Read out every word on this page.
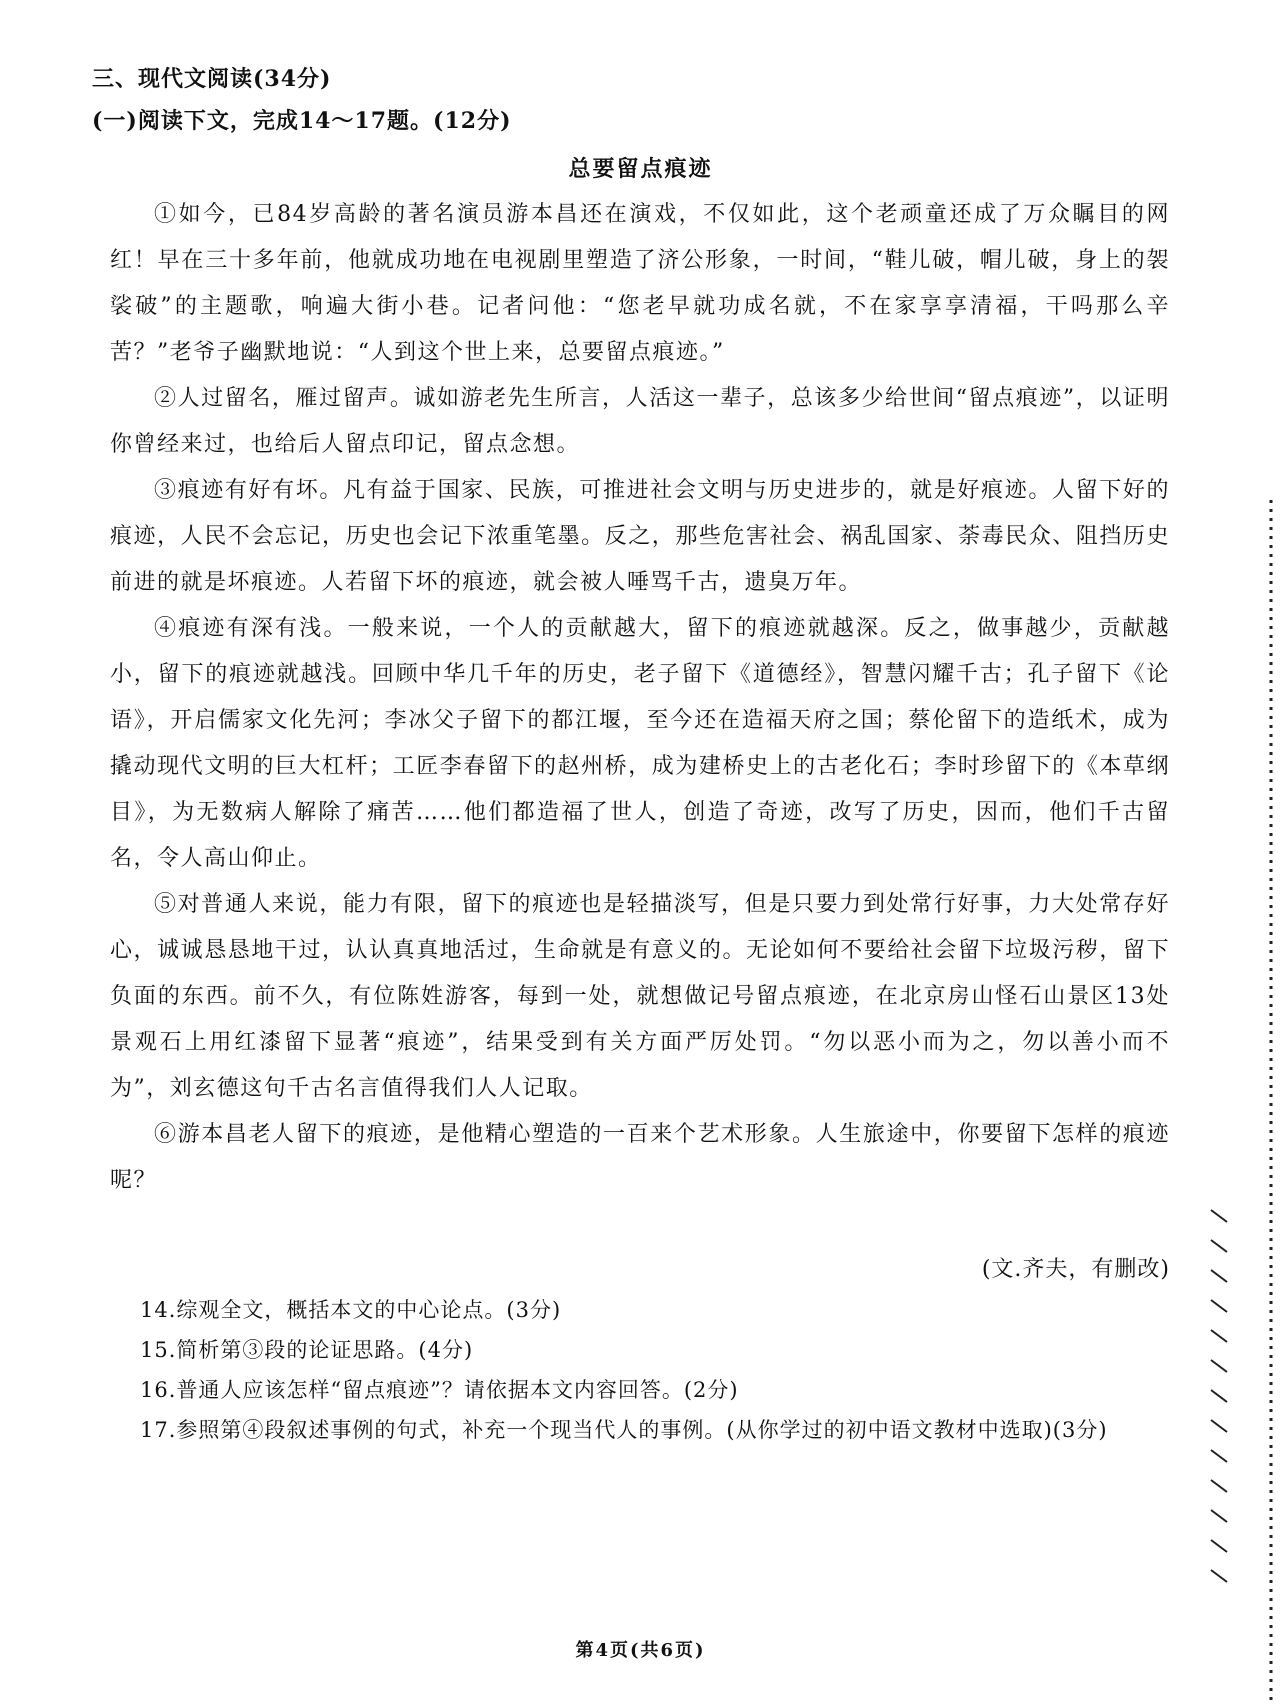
三、现代文阅读(34分)
(一)阅读下文，完成14～17题。(12分)
总要留点痕迹

①如今，已84岁高龄的著名演员游本昌还在演戏，不仅如此，这个老顽童还成了万众瞩目的网红！早在三十多年前，他就成功地在电视剧里塑造了济公形象，一时间，“鞋儿破，帽儿破，身上的袈裟破”的主题歌，响遍大街小巷。记者问他：“您老早就功成名就，不在家享享清福，干吗那么辛苦？”老爷子幽默地说：“人到这个世上来，总要留点痕迹。”

②人过留名，雁过留声。诚如游老先生所言，人活这一辈子，总该多少给世间“留点痕迹”，以证明你曾经来过，也给后人留点印记，留点念想。

③痕迹有好有坏。凡有益于国家、民族，可推进社会文明与历史进步的，就是好痕迹。人留下好的痕迹，人民不会忘记，历史也会记下浓重笔墨。反之，那些危害社会、祸乱国家、荼毒民众、阻挡历史前进的就是坏痕迹。人若留下坏的痕迹，就会被人唾骂千古，遗臭万年。

④痕迹有深有浅。一般来说，一个人的贡献越大，留下的痕迹就越深。反之，做事越少，贡献越小，留下的痕迹就越浅。回顾中华几千年的历史，老子留下《道德经》，智慧闪耀千古；孔子留下《论语》，开启儒家文化先河；李冰父子留下的都江堰，至今还在造福天府之国；蔡伦留下的造纸术，成为撬动现代文明的巨大杠杆；工匠李春留下的赵州桥，成为建桥史上的古老化石；李时珍留下的《本草纲目》，为无数病人解除了痛苦……他们都造福了世人，创造了奇迹，改写了历史，因而，他们千古留名，令人高山仰止。

⑤对普通人来说，能力有限，留下的痕迹也是轻描淡写，但是只要力到处常行好事，力大处常存好心，诚诚恳恳地干过，认认真真地活过，生命就是有意义的。无论如何不要给社会留下垃圾污秽，留下负面的东西。前不久，有位陈姓游客，每到一处，就想做记号留点痕迹，在北京房山怪石山景区13处景观石上用红漆留下显著“痕迹”，结果受到有关方面严厉处罚。“勿以恶小而为之，勿以善小而不为”，刘玄德这句千古名言值得我们人人记取。

⑥游本昌老人留下的痕迹，是他精心塑造的一百来个艺术形象。人生旅途中，你要留下怎样的痕迹呢？

(文.齐夫，有删改)

14.综观全文，概括本文的中心论点。(3分)

15.简析第③段的论证思路。(4分)

16.普通人应该怎样“留点痕迹”？请依据本文内容回答。(2分)

17.参照第④段叙述事例的句式，补充一个现当代人的事例。(从你学过的初中语文教材中选取)(3分)

第4页(共6页)
